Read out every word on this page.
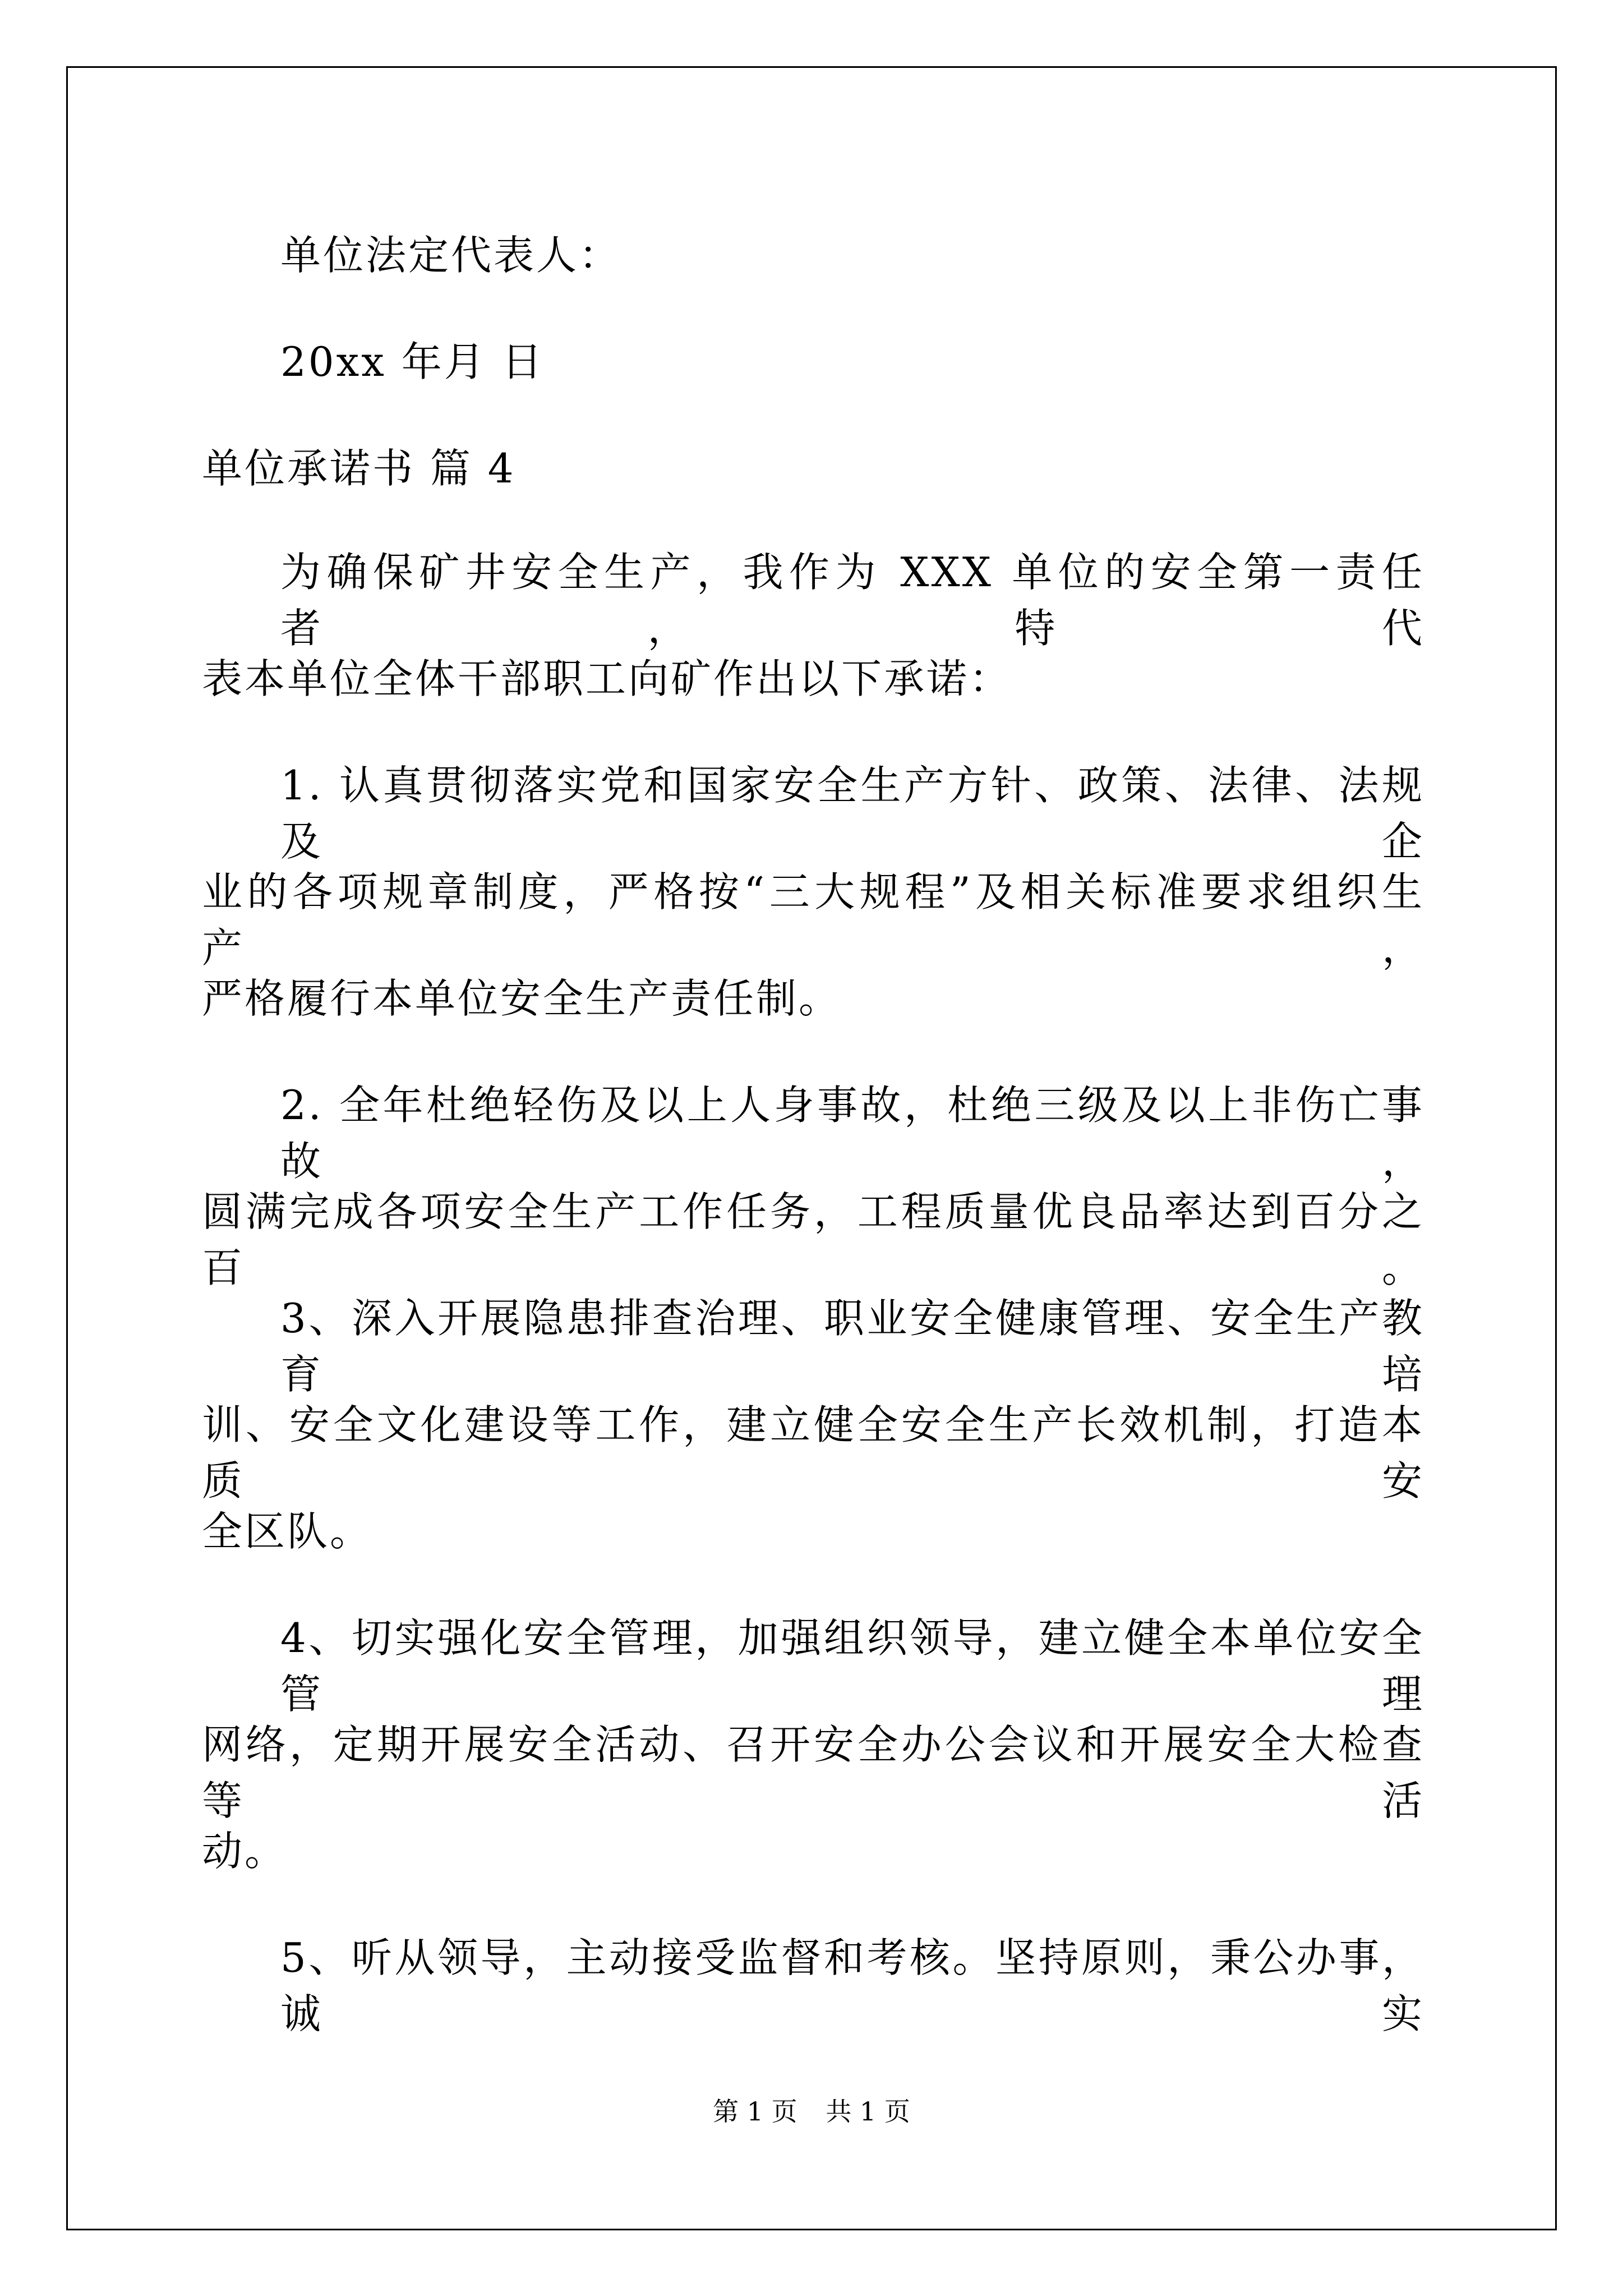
单位法定代表人：
20xx 年月 日
单位承诺书 篇 4
为确保矿井安全生产，我作为 XXX 单位的安全第一责任者，特代
表本单位全体干部职工向矿作出以下承诺：
1. 认真贯彻落实党和国家安全生产方针、政策、法律、法规及企
业的各项规章制度，严格按“三大规程”及相关标准要求组织生产，
严格履行本单位安全生产责任制。
2. 全年杜绝轻伤及以上人身事故，杜绝三级及以上非伤亡事故，
圆满完成各项安全生产工作任务，工程质量优良品率达到百分之百。
3、深入开展隐患排查治理、职业安全健康管理、安全生产教育培
训、安全文化建设等工作，建立健全安全生产长效机制，打造本质安
全区队。
4、切实强化安全管理，加强组织领导，建立健全本单位安全管理
网络，定期开展安全活动、召开安全办公会议和开展安全大检查等活
动。
5、听从领导，主动接受监督和考核。坚持原则，秉公办事，诚实
第 1 页 共 1 页
